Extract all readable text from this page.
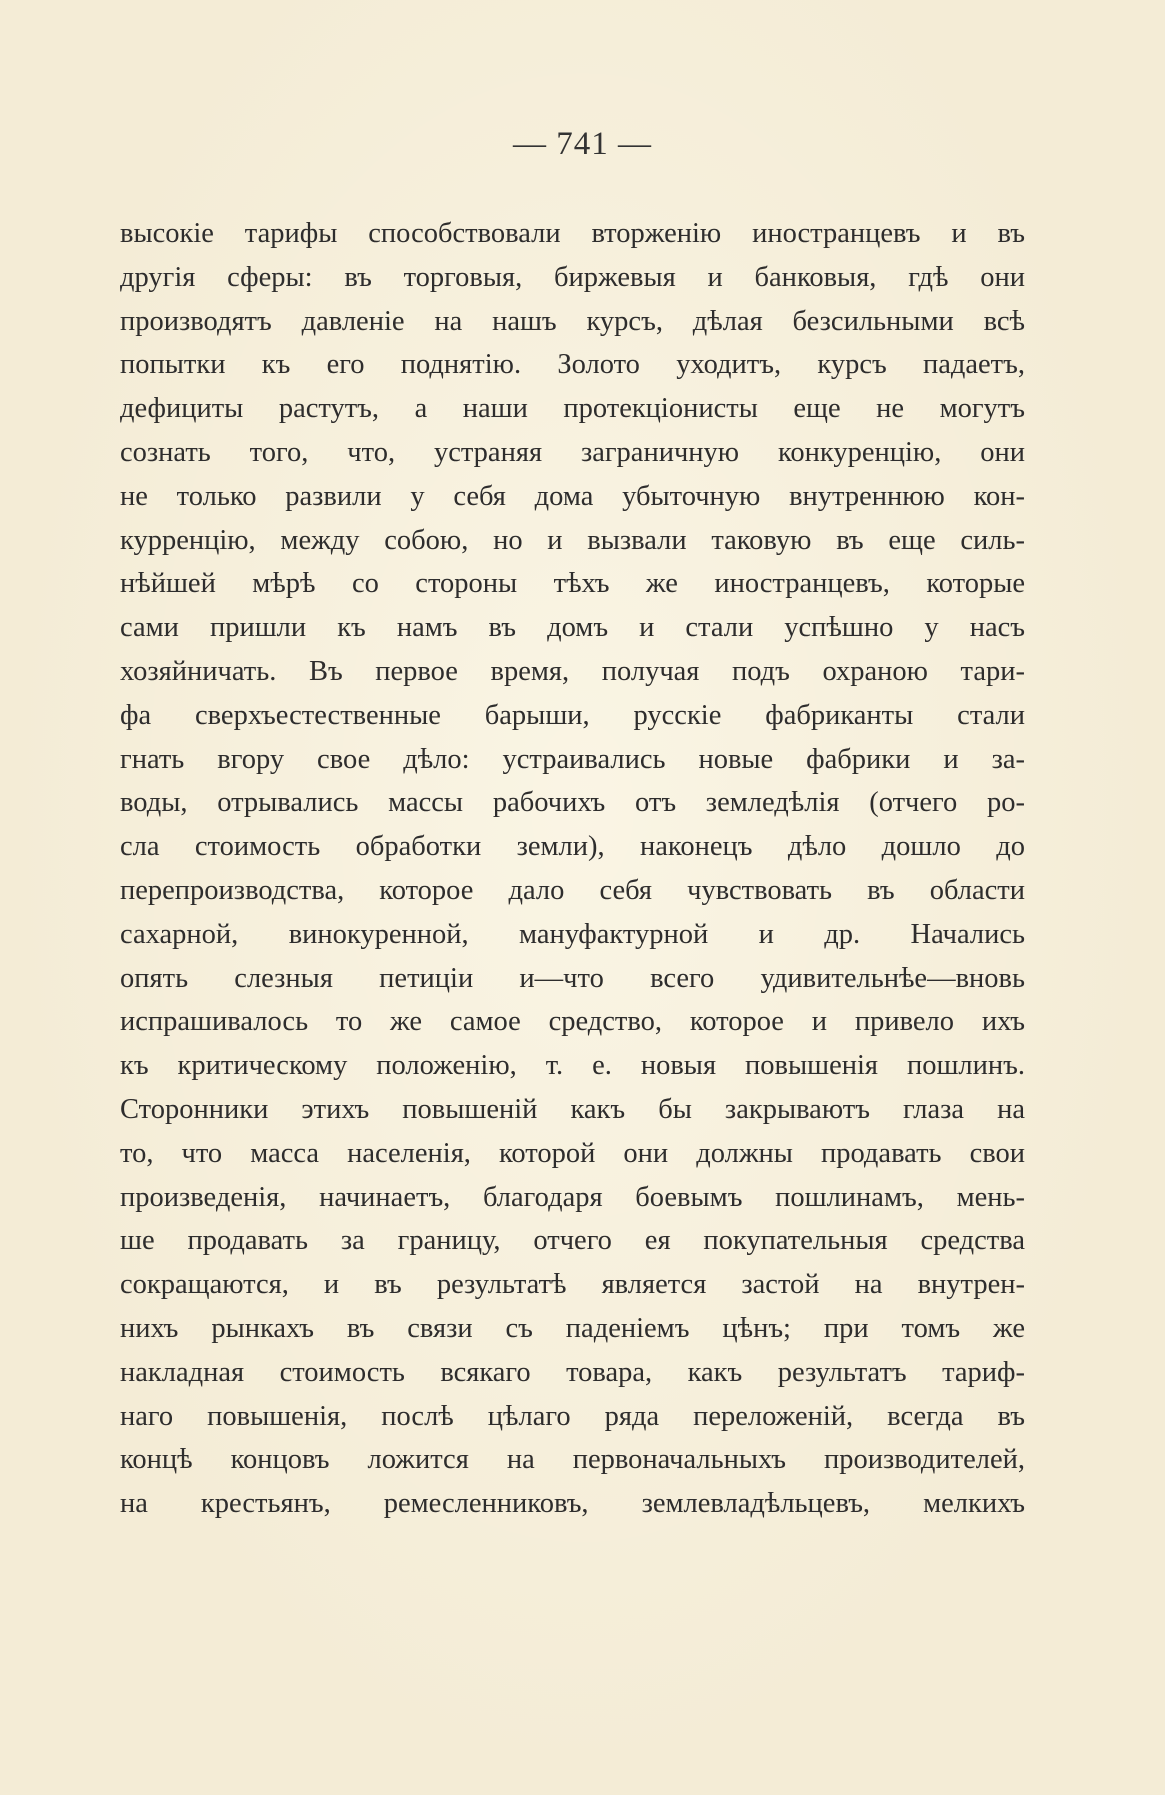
— 741 —
высокіе тарифы способствовали вторженію иностранцевъ и въ
другія сферы: въ торговыя, биржевыя и банковыя, гдѣ они
производятъ давленіе на нашъ курсъ, дѣлая безсильными всѣ
попытки къ его поднятію. Золото уходитъ, курсъ падаетъ,
дефициты растутъ, а наши протекціонисты еще не могутъ
сознать того, что, устраняя заграничную конкуренцію, они
не только развили у себя дома убыточную внутреннюю кон-
курренцію, между собою, но и вызвали таковую въ еще силь-
нѣйшей мѣрѣ со стороны тѣхъ же иностранцевъ, которые
сами пришли къ намъ въ домъ и стали успѣшно у насъ
хозяйничать. Въ первое время, получая подъ охраною тари-
фа сверхъестественные барыши, русскіе фабриканты стали
гнать вгору свое дѣло: устраивались новые фабрики и за-
воды, отрывались массы рабочихъ отъ земледѣлія (отчего ро-
сла стоимость обработки земли), наконецъ дѣло дошло до
перепроизводства, которое дало себя чувствовать въ области
сахарной, винокуренной, мануфактурной и др. Начались
опять слезныя петиціи и—что всего удивительнѣе—вновь
испрашивалось то же самое средство, которое и привело ихъ
къ критическому положенію, т. е. новыя повышенія пошлинъ.
Сторонники этихъ повышеній какъ бы закрываютъ глаза на
то, что масса населенія, которой они должны продавать свои
произведенія, начинаетъ, благодаря боевымъ пошлинамъ, мень-
ше продавать за границу, отчего ея покупательныя средства
сокращаются, и въ результатѣ является застой на внутрен-
нихъ рынкахъ въ связи съ паденіемъ цѣнъ; при томъ же
накладная стоимость всякаго товара, какъ результатъ тариф-
наго повышенія, послѣ цѣлаго ряда переложеній, всегда въ
концѣ концовъ ложится на первоначальныхъ производителей,
на крестьянъ, ремесленниковъ, землевладѣльцевъ, мелкихъ
